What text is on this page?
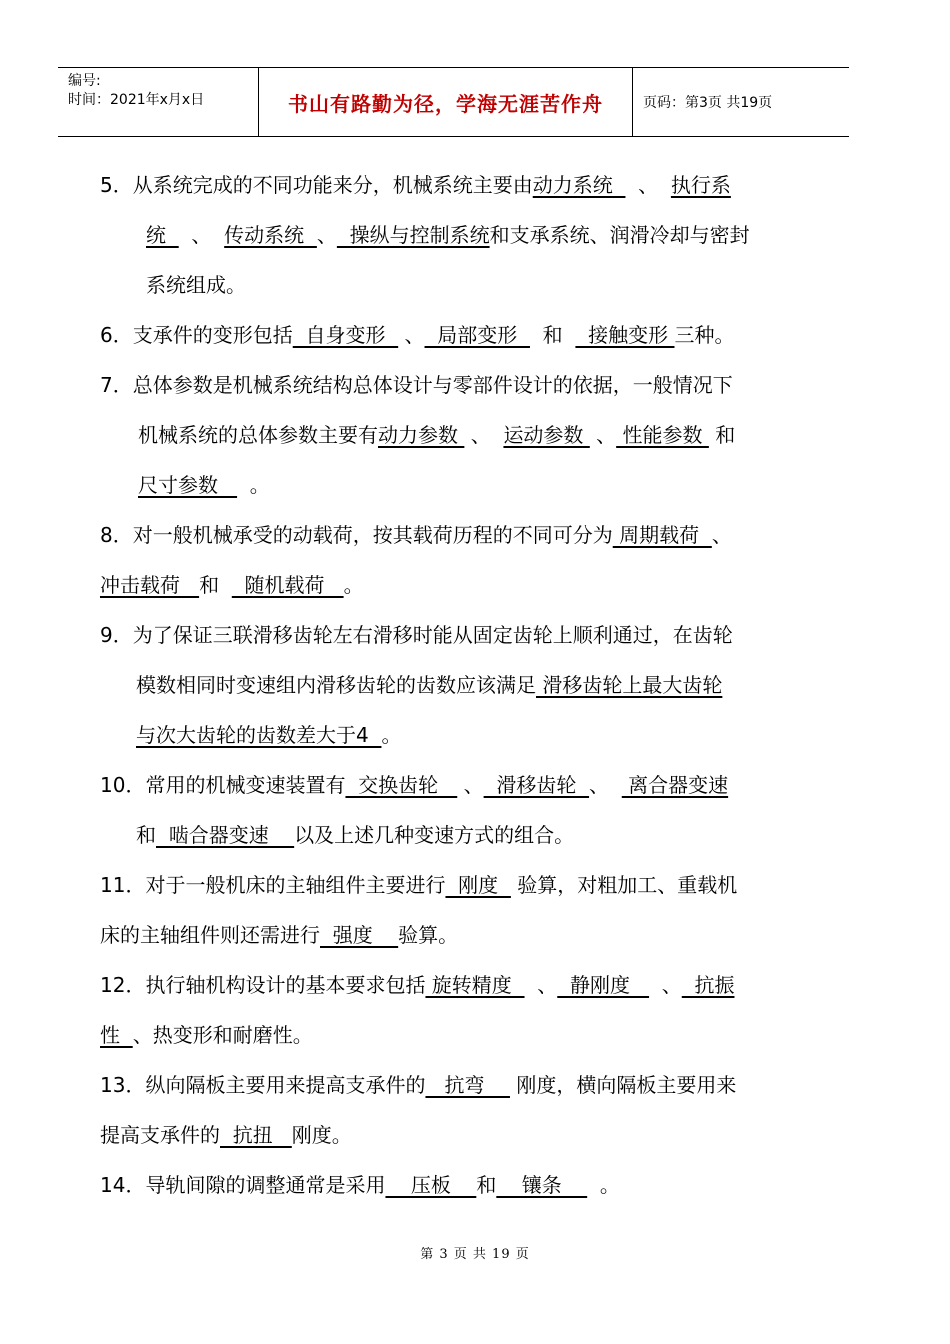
编号:
时间：2021年x月x日	书山有路勤为径，学海无涯苦作舟	页码：第3页 共19页
5．从系统完成的不同功能来分，机械系统主要由动力系统    、  执行系
统    、  传动系统  、  操纵与控制系统和支承系统、润滑冷却与密封
系统组成。
6．支承件的变形包括  自身变形   、  局部变形    和    接触变形 三种。
7．总体参数是机械系统结构总体设计与零部件设计的依据，一般情况下
机械系统的总体参数主要有动力参数  、  运动参数  、 性能参数  和
尺寸参数     。
8．对一般机械承受的动载荷，按其载荷历程的不同可分为 周期载荷  、
冲击载荷   和    随机载荷   。
9．为了保证三联滑移齿轮左右滑移时能从固定齿轮上顺利通过，在齿轮
模数相同时变速组内滑移齿轮的齿数应该满足 滑移齿轮上最大齿轮
与次大齿轮的齿数差大于4  。
10．常用的机械变速装置有  交换齿轮    、  滑移齿轮  、   离合器变速
和  啮合器变速    以及上述几种变速方式的组合。
11．对于一般机床的主轴组件主要进行  刚度   验算，对粗加工、重载机
床的主轴组件则还需进行  强度    验算。
12．执行轴机构设计的基本要求包括 旋转精度    、  静刚度     、  抗振
性  、热变形和耐磨性。
13．纵向隔板主要用来提高支承件的   抗弯     刚度，横向隔板主要用来
提高支承件的  抗扭   刚度。
14．导轨间隙的调整通常是采用    压板    和    镶条      。
第 3 页 共 19 页
